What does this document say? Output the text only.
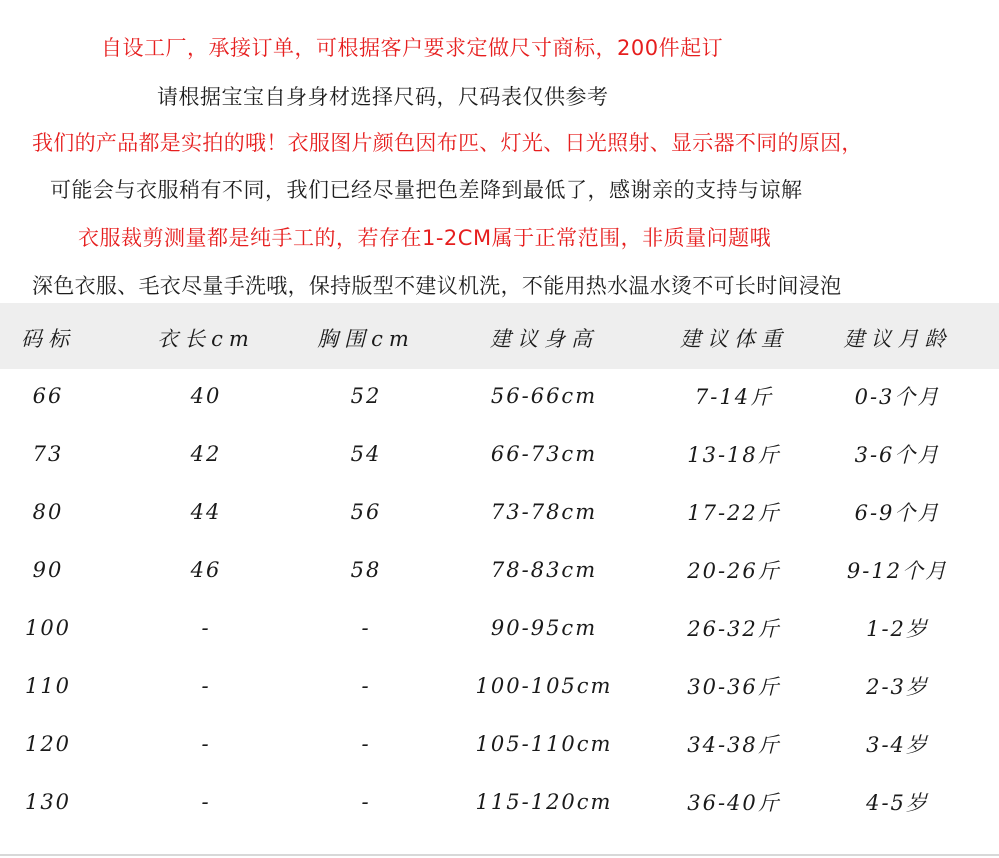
自设工厂，承接订单，可根据客户要求定做尺寸商标，200件起订
请根据宝宝自身身材选择尺码，尺码表仅供参考
我们的产品都是实拍的哦！衣服图片颜色因布匹、灯光、日光照射、显示器不同的原因，
可能会与衣服稍有不同，我们已经尽量把色差降到最低了，感谢亲的支持与谅解
衣服裁剪测量都是纯手工的，若存在1-2CM属于正常范围，非质量问题哦
深色衣服、毛衣尽量手洗哦，保持版型不建议机洗，不能用热水温水烫不可长时间浸泡
码标	衣长cm	胸围cm	建议身高	建议体重	建议月龄
66	40	52	56-66cm	7-14斤	0-3个月
73	42	54	66-73cm	13-18斤	3-6个月
80	44	56	73-78cm	17-22斤	6-9个月
90	46	58	78-83cm	20-26斤	9-12个月
100	-	-	90-95cm	26-32斤	1-2岁
110	-	-	100-105cm	30-36斤	2-3岁
120	-	-	105-110cm	34-38斤	3-4岁
130	-	-	115-120cm	36-40斤	4-5岁
